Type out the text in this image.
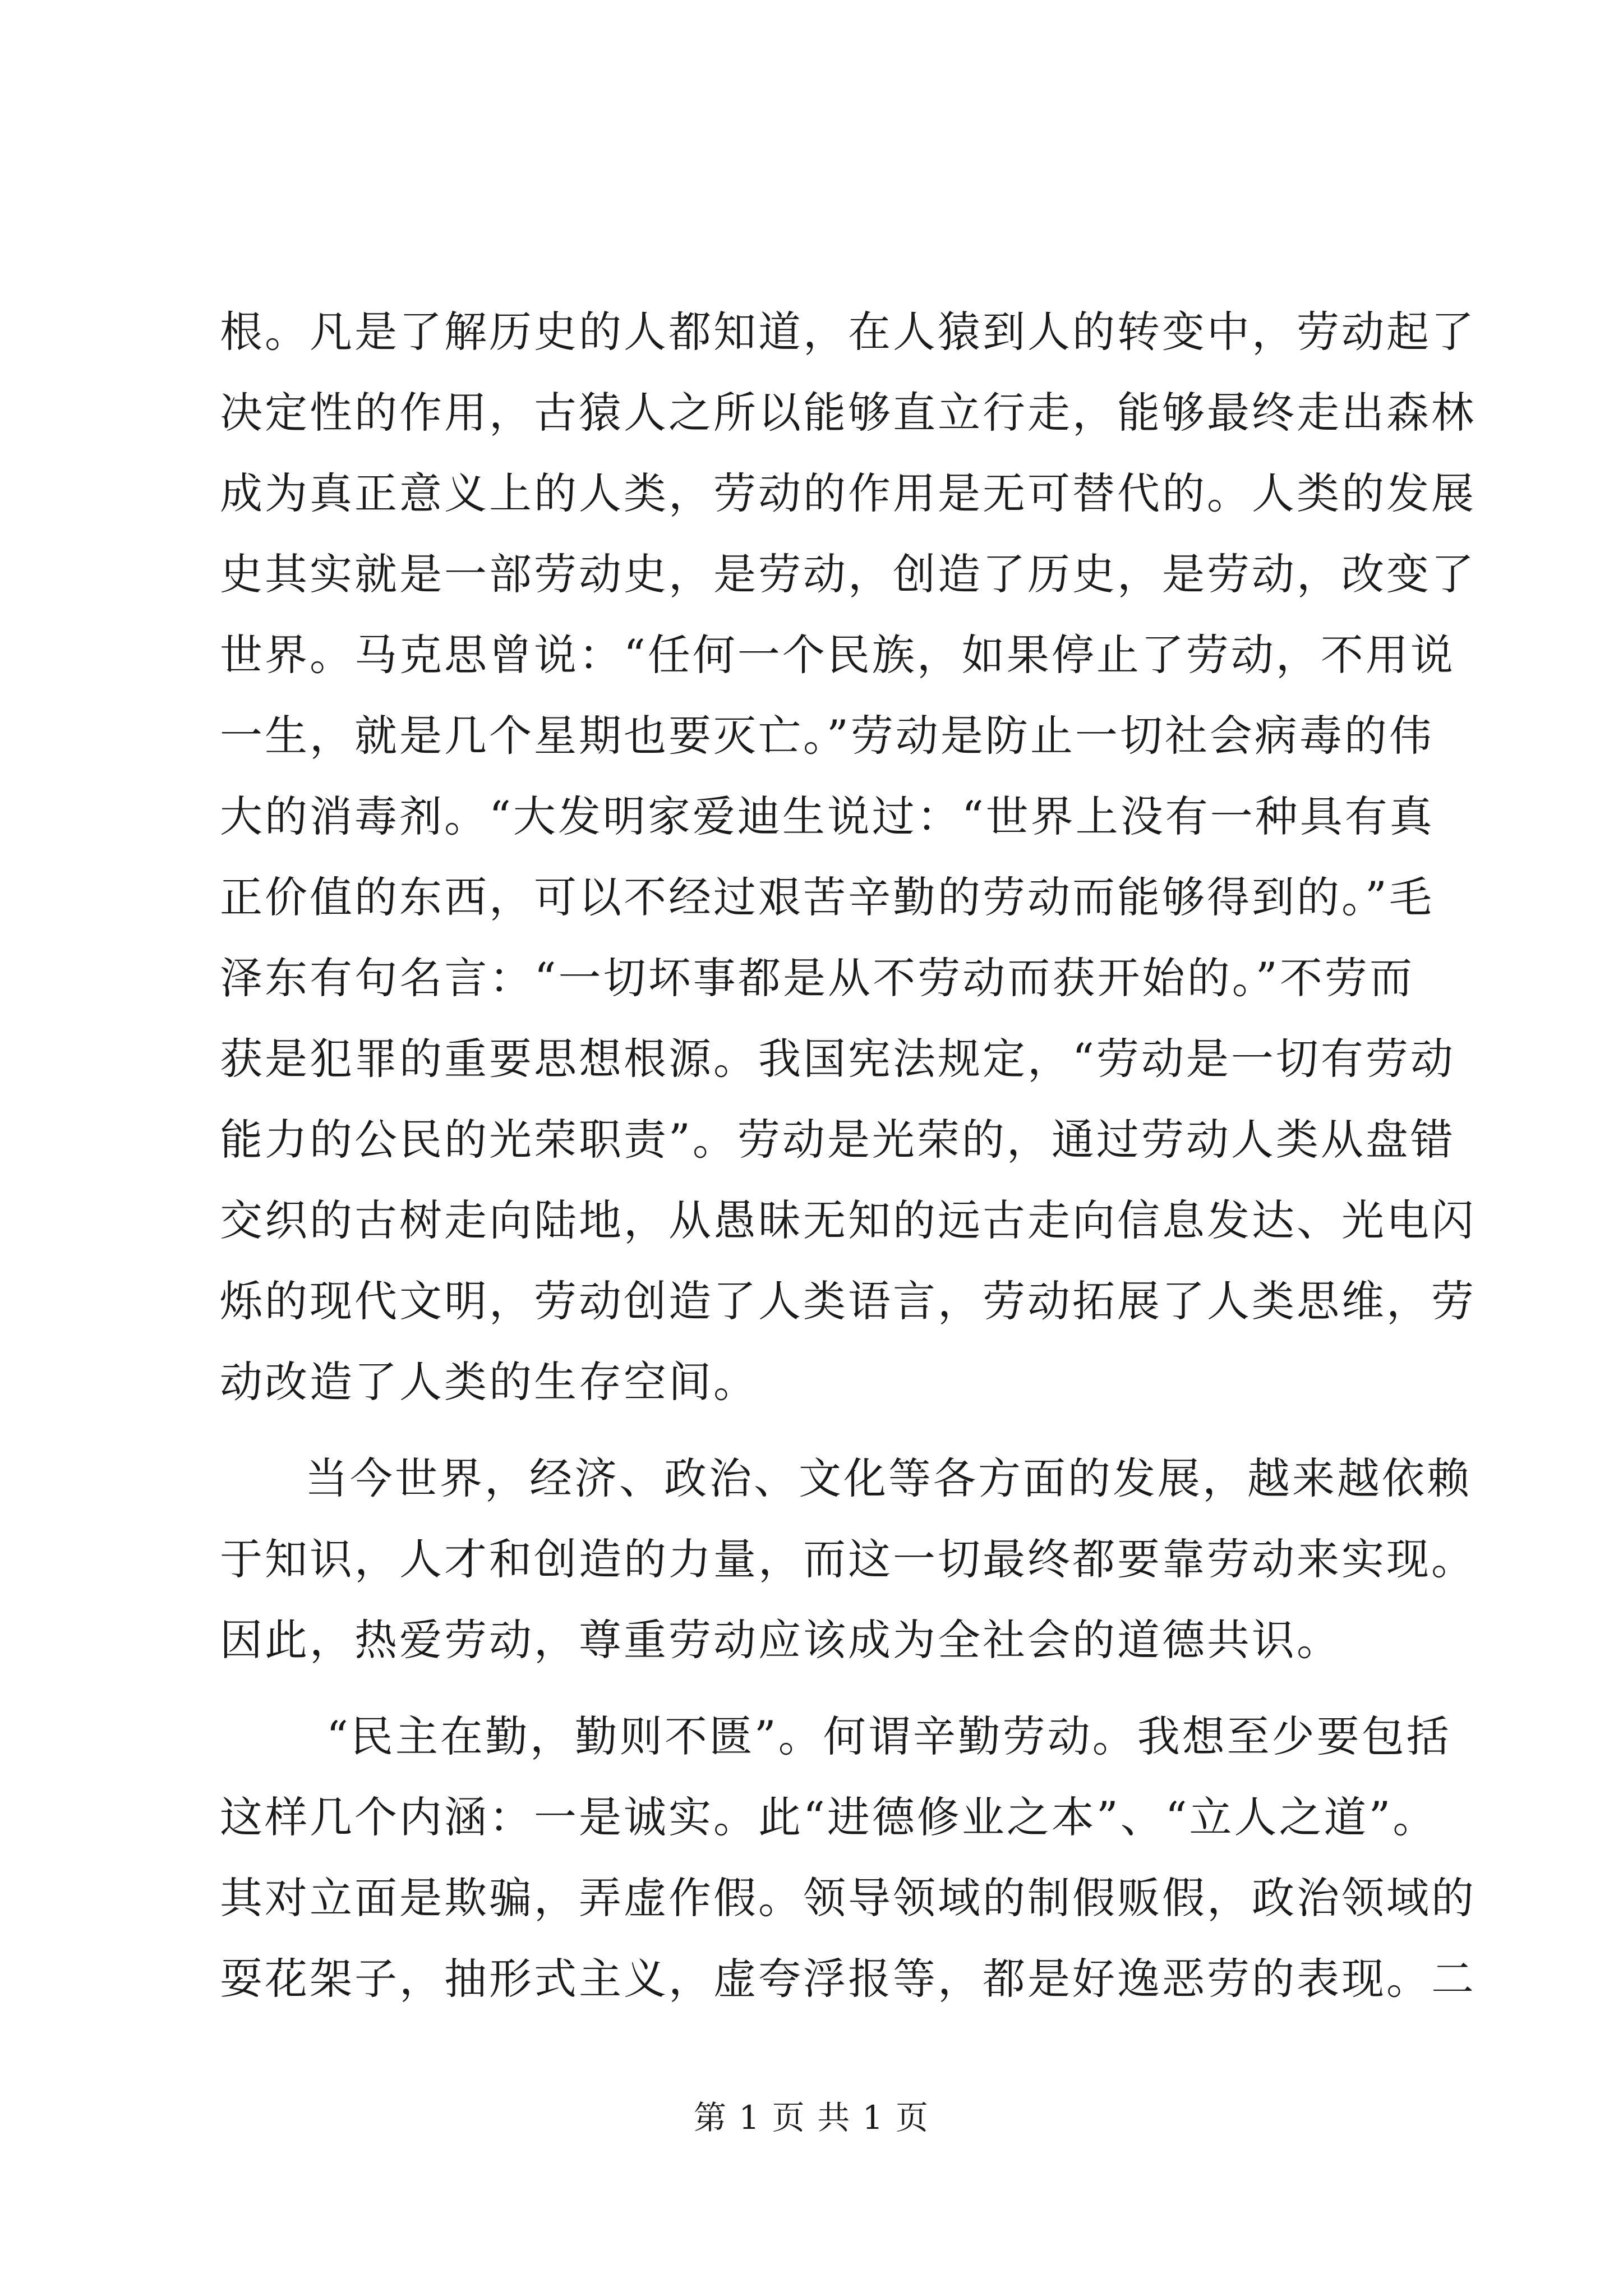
根。凡是了解历史的人都知道，在人猿到人的转变中，劳动起了
决定性的作用，古猿人之所以能够直立行走，能够最终走出森林
成为真正意义上的人类，劳动的作用是无可替代的。人类的发展
史其实就是一部劳动史，是劳动，创造了历史，是劳动，改变了
世界。马克思曾说：“任何一个民族，如果停止了劳动，不用说
一生，就是几个星期也要灭亡。”劳动是防止一切社会病毒的伟
大的消毒剂。“大发明家爱迪生说过：“世界上没有一种具有真
正价值的东西，可以不经过艰苦辛勤的劳动而能够得到的。”毛
泽东有句名言：“一切坏事都是从不劳动而获开始的。”不劳而
获是犯罪的重要思想根源。我国宪法规定，“劳动是一切有劳动
能力的公民的光荣职责”。劳动是光荣的，通过劳动人类从盘错
交织的古树走向陆地，从愚昧无知的远古走向信息发达、光电闪
烁的现代文明，劳动创造了人类语言，劳动拓展了人类思维，劳
动改造了人类的生存空间。
当今世界，经济、政治、文化等各方面的发展，越来越依赖
于知识，人才和创造的力量，而这一切最终都要靠劳动来实现。
因此，热爱劳动，尊重劳动应该成为全社会的道德共识。
“民主在勤，勤则不匮”。何谓辛勤劳动。我想至少要包括
这样几个内涵：一是诚实。此“进德修业之本”、“立人之道”。
其对立面是欺骗，弄虚作假。领导领域的制假贩假，政治领域的
耍花架子，抽形式主义，虚夸浮报等，都是好逸恶劳的表现。二
第 1 页 共 1 页
